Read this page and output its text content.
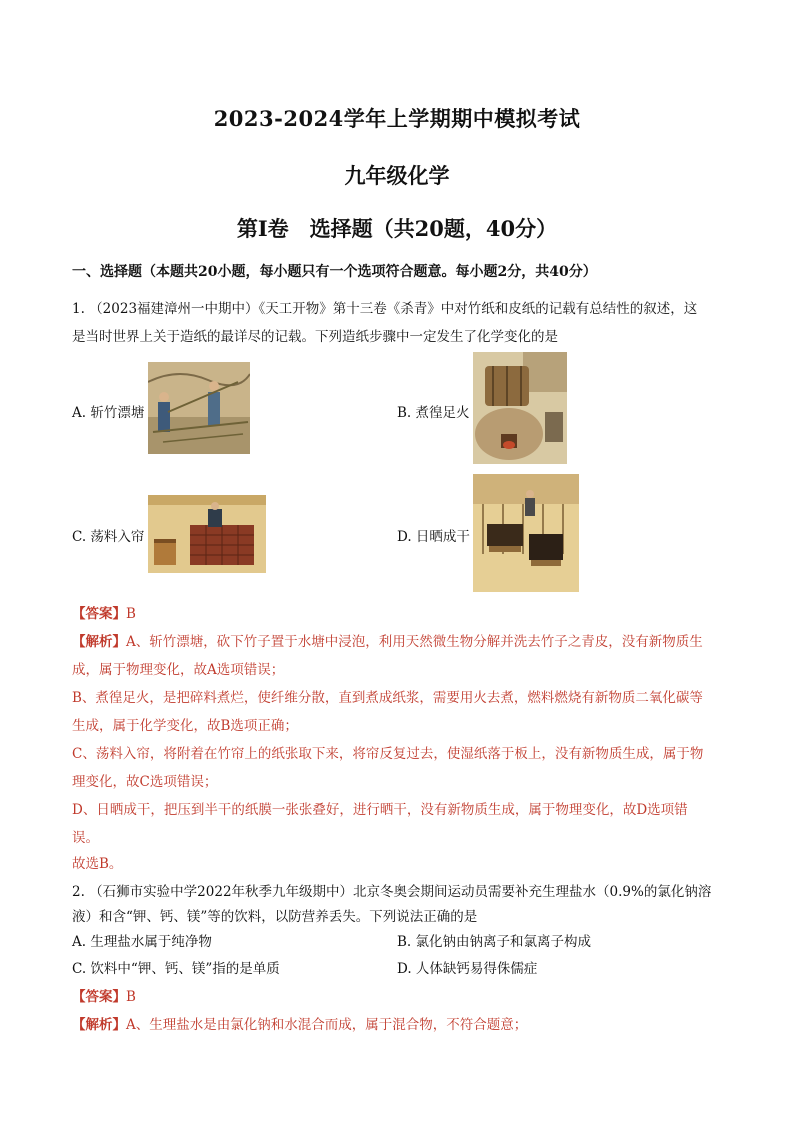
2023-2024学年上学期期中模拟考试
九年级化学
第Ⅰ卷　选择题（共20题，40分）
一、选择题（本题共20小题，每小题只有一个选项符合题意。每小题2分，共40分）
1. （2023福建漳州一中期中）《天工开物》第十三卷《杀青》中对竹纸和皮纸的记载有总结性的叙述，这
是当时世界上关于造纸的最详尽的记载。下列造纸步骤中一定发生了化学变化的是
A. 斩竹漂塘	B. 煮徨足火
C. 荡料入帘	D. 日晒成干
【答案】B
【解析】A、斩竹漂塘，砍下竹子置于水塘中浸泡，利用天然微生物分解并洗去竹子之青皮，没有新物质生
成，属于物理变化，故A选项错误；
B、煮徨足火，是把碎料煮烂，使纤维分散，直到煮成纸浆，需要用火去煮，燃料燃烧有新物质二氧化碳等
生成，属于化学变化，故B选项正确；
C、荡料入帘，将附着在竹帘上的纸张取下来，将帘反复过去，使湿纸落于板上，没有新物质生成，属于物
理变化，故C选项错误；
D、日晒成干，把压到半干的纸膜一张张叠好，进行晒干，没有新物质生成，属于物理变化，故D选项错
误。
故选B。
2. （石狮市实验中学2022年秋季九年级期中）北京冬奥会期间运动员需要补充生理盐水（0.9%的氯化钠溶
液）和含“钾、钙、镁”等的饮料，以防营养丢失。下列说法正确的是
A. 生理盐水属于纯净物	B. 氯化钠由钠离子和氯离子构成
C. 饮料中“钾、钙、镁”指的是单质	D. 人体缺钙易得侏儒症
【答案】B
【解析】A、生理盐水是由氯化钠和水混合而成，属于混合物，不符合题意；
